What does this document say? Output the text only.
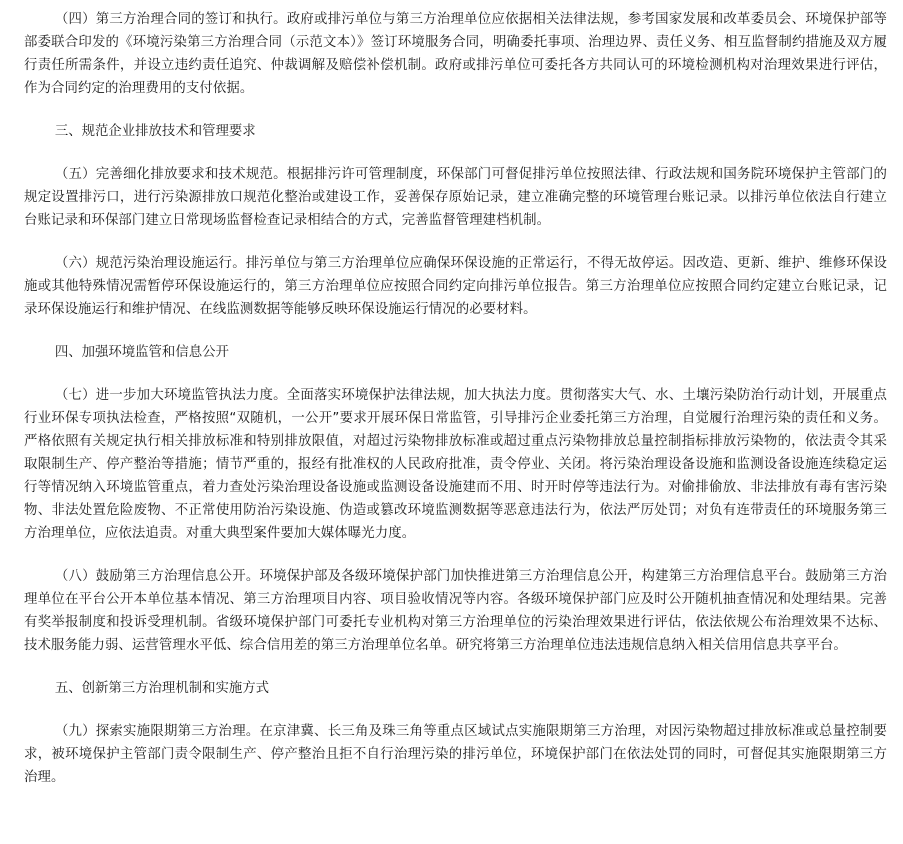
（四）第三方治理合同的签订和执行。政府或排污单位与第三方治理单位应依据相关法律法规，参考国家发展和改革委员会、环境保护部等部委联合印发的《环境污染第三方治理合同（示范文本）》签订环境服务合同，明确委托事项、治理边界、责任义务、相互监督制约措施及双方履行责任所需条件，并设立违约责任追究、仲裁调解及赔偿补偿机制。政府或排污单位可委托各方共同认可的环境检测机构对治理效果进行评估，作为合同约定的治理费用的支付依据。

三、规范企业排放技术和管理要求

（五）完善细化排放要求和技术规范。根据排污许可管理制度，环保部门可督促排污单位按照法律、行政法规和国务院环境保护主管部门的规定设置排污口，进行污染源排放口规范化整治或建设工作，妥善保存原始记录，建立准确完整的环境管理台账记录。以排污单位依法自行建立台账记录和环保部门建立日常现场监督检查记录相结合的方式，完善监督管理建档机制。

（六）规范污染治理设施运行。排污单位与第三方治理单位应确保环保设施的正常运行，不得无故停运。因改造、更新、维护、维修环保设施或其他特殊情况需暂停环保设施运行的，第三方治理单位应按照合同约定向排污单位报告。第三方治理单位应按照合同约定建立台账记录，记录环保设施运行和维护情况、在线监测数据等能够反映环保设施运行情况的必要材料。

四、加强环境监管和信息公开

（七）进一步加大环境监管执法力度。全面落实环境保护法律法规，加大执法力度。贯彻落实大气、水、土壤污染防治行动计划，开展重点行业环保专项执法检查，严格按照“双随机，一公开”要求开展环保日常监管，引导排污企业委托第三方治理，自觉履行治理污染的责任和义务。严格依照有关规定执行相关排放标准和特别排放限值，对超过污染物排放标准或超过重点污染物排放总量控制指标排放污染物的，依法责令其采取限制生产、停产整治等措施；情节严重的，报经有批准权的人民政府批准，责令停业、关闭。将污染治理设备设施和监测设备设施连续稳定运行等情况纳入环境监管重点，着力查处污染治理设备设施或监测设备设施建而不用、时开时停等违法行为。对偷排偷放、非法排放有毒有害污染物、非法处置危险废物、不正常使用防治污染设施、伪造或篡改环境监测数据等恶意违法行为，依法严厉处罚；对负有连带责任的环境服务第三方治理单位，应依法追责。对重大典型案件要加大媒体曝光力度。

（八）鼓励第三方治理信息公开。环境保护部及各级环境保护部门加快推进第三方治理信息公开，构建第三方治理信息平台。鼓励第三方治理单位在平台公开本单位基本情况、第三方治理项目内容、项目验收情况等内容。各级环境保护部门应及时公开随机抽查情况和处理结果。完善有奖举报制度和投诉受理机制。省级环境保护部门可委托专业机构对第三方治理单位的污染治理效果进行评估，依法依规公布治理效果不达标、技术服务能力弱、运营管理水平低、综合信用差的第三方治理单位名单。研究将第三方治理单位违法违规信息纳入相关信用信息共享平台。

五、创新第三方治理机制和实施方式

（九）探索实施限期第三方治理。在京津冀、长三角及珠三角等重点区域试点实施限期第三方治理，对因污染物超过排放标准或总量控制要求，被环境保护主管部门责令限制生产、停产整治且拒不自行治理污染的排污单位，环境保护部门在依法处罚的同时，可督促其实施限期第三方治理。
